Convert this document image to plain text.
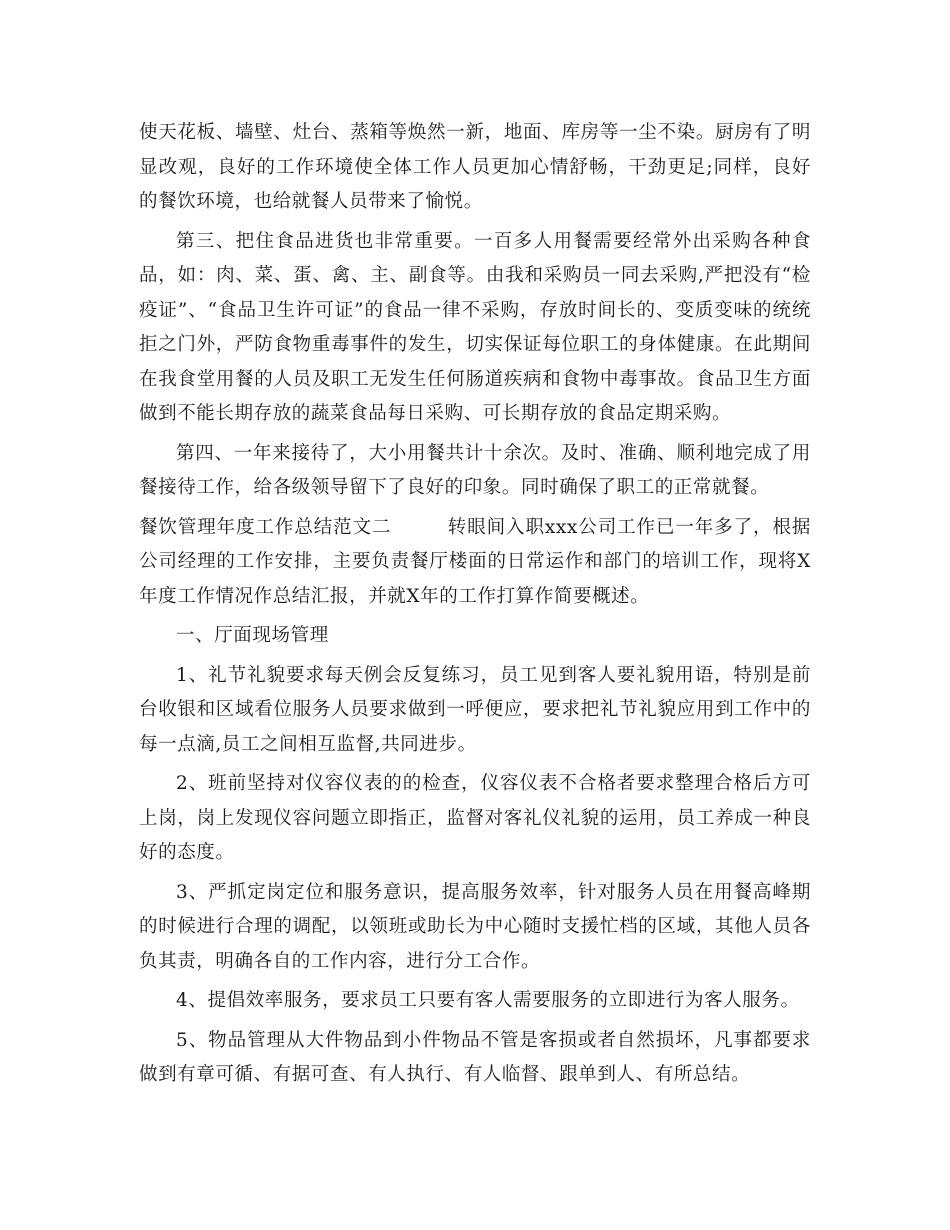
使天花板、墙壁、灶台、蒸箱等焕然一新，地面、库房等一尘不染。厨房有了明显改观，良好的工作环境使全体工作人员更加心情舒畅，干劲更足;同样，良好的餐饮环境，也给就餐人员带来了愉悦。

第三、把住食品进货也非常重要。一百多人用餐需要经常外出采购各种食品，如：肉、菜、蛋、禽、主、副食等。由我和采购员一同去采购,严把没有“检疫证”、“食品卫生许可证”的食品一律不采购，存放时间长的、变质变味的统统拒之门外，严防食物重毒事件的发生，切实保证每位职工的身体健康。在此期间在我食堂用餐的人员及职工无发生任何肠道疾病和食物中毒事故。食品卫生方面做到不能长期存放的蔬菜食品每日采购、可长期存放的食品定期采购。

第四、一年来接待了，大小用餐共计十余次。及时、准确、顺利地完成了用餐接待工作，给各级领导留下了良好的印象。同时确保了职工的正常就餐。

餐饮管理年度工作总结范文二	转眼间入职xxx公司工作已一年多了，根据公司经理的工作安排，主要负责餐厅楼面的日常运作和部门的培训工作，现将X年度工作情况作总结汇报，并就X年的工作打算作简要概述。

一、厅面现场管理

1、礼节礼貌要求每天例会反复练习，员工见到客人要礼貌用语，特别是前台收银和区域看位服务人员要求做到一呼便应，要求把礼节礼貌应用到工作中的每一点滴,员工之间相互监督,共同进步。

2、班前坚持对仪容仪表的的检查，仪容仪表不合格者要求整理合格后方可上岗，岗上发现仪容问题立即指正，监督对客礼仪礼貌的运用，员工养成一种良好的态度。

3、严抓定岗定位和服务意识，提高服务效率，针对服务人员在用餐高峰期的时候进行合理的调配，以领班或助长为中心随时支援忙档的区域，其他人员各负其责，明确各自的工作内容，进行分工合作。

4、提倡效率服务，要求员工只要有客人需要服务的立即进行为客人服务。

5、物品管理从大件物品到小件物品不管是客损或者自然损坏，凡事都要求做到有章可循、有据可查、有人执行、有人临督、跟单到人、有所总结。
